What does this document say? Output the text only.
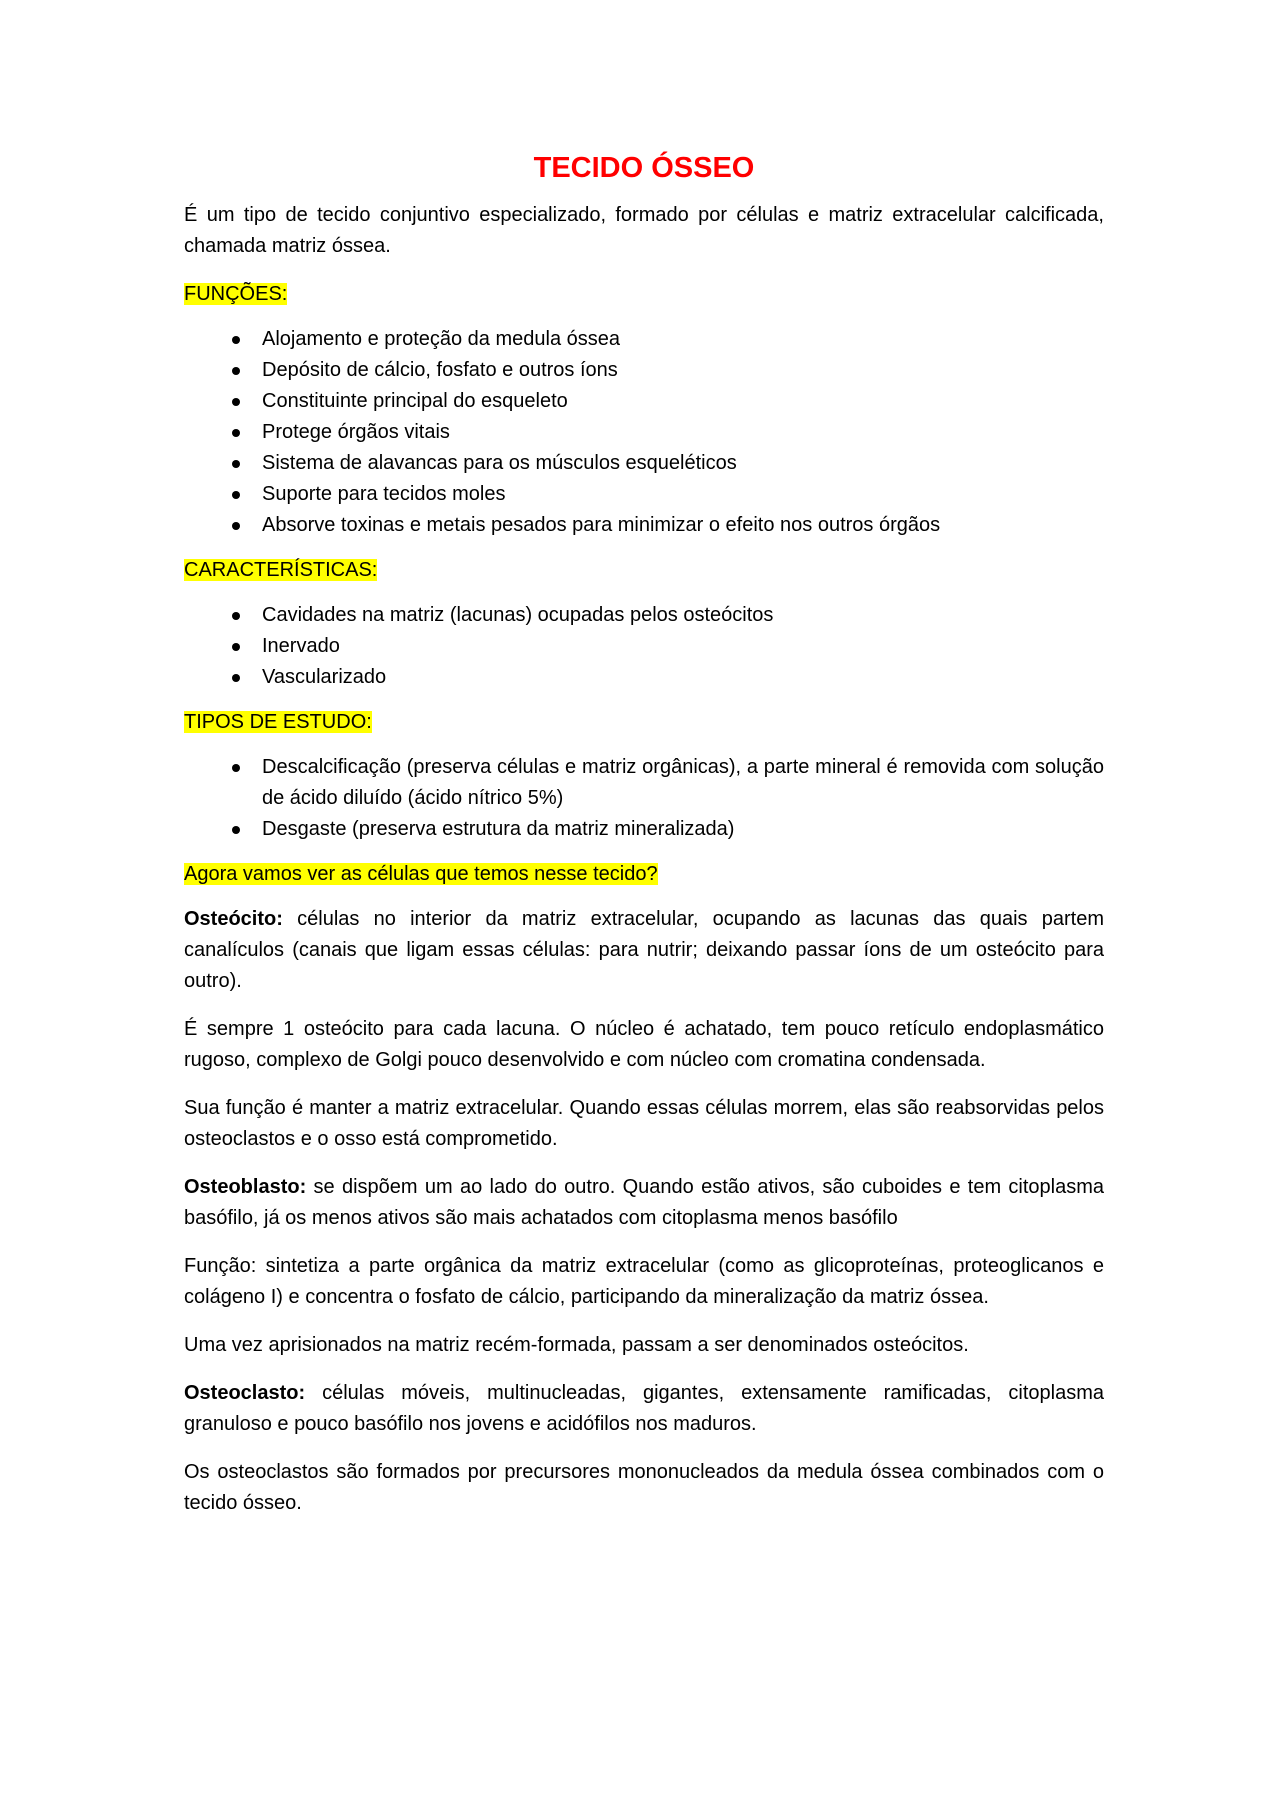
TECIDO ÓSSEO

É um tipo de tecido conjuntivo especializado, formado por células e matriz extracelular calcificada, chamada matriz óssea.

FUNÇÕES:

Alojamento e proteção da medula óssea
Depósito de cálcio, fosfato e outros íons
Constituinte principal do esqueleto
Protege órgãos vitais
Sistema de alavancas para os músculos esqueléticos
Suporte para tecidos moles
Absorve toxinas e metais pesados para minimizar o efeito nos outros órgãos

CARACTERÍSTICAS:

Cavidades na matriz (lacunas) ocupadas pelos osteócitos
Inervado
Vascularizado

TIPOS DE ESTUDO:

Descalcificação (preserva células e matriz orgânicas), a parte mineral é removida com solução de ácido diluído (ácido nítrico 5%)
Desgaste (preserva estrutura da matriz mineralizada)

Agora vamos ver as células que temos nesse tecido?

Osteócito: células no interior da matriz extracelular, ocupando as lacunas das quais partem canalículos (canais que ligam essas células: para nutrir; deixando passar íons de um osteócito para outro).

É sempre 1 osteócito para cada lacuna. O núcleo é achatado, tem pouco retículo endoplasmático rugoso, complexo de Golgi pouco desenvolvido e com núcleo com cromatina condensada.

Sua função é manter a matriz extracelular. Quando essas células morrem, elas são reabsorvidas pelos osteoclastos e o osso está comprometido.

Osteoblasto: se dispõem um ao lado do outro. Quando estão ativos, são cuboides e tem citoplasma basófilo, já os menos ativos são mais achatados com citoplasma menos basófilo

Função: sintetiza a parte orgânica da matriz extracelular (como as glicoproteínas, proteoglicanos e colágeno I) e concentra o fosfato de cálcio, participando da mineralização da matriz óssea.

Uma vez aprisionados na matriz recém-formada, passam a ser denominados osteócitos.

Osteoclasto: células móveis, multinucleadas, gigantes, extensamente ramificadas, citoplasma granuloso e pouco basófilo nos jovens e acidófilos nos maduros.

Os osteoclastos são formados por precursores mononucleados da medula óssea combinados com o tecido ósseo.
